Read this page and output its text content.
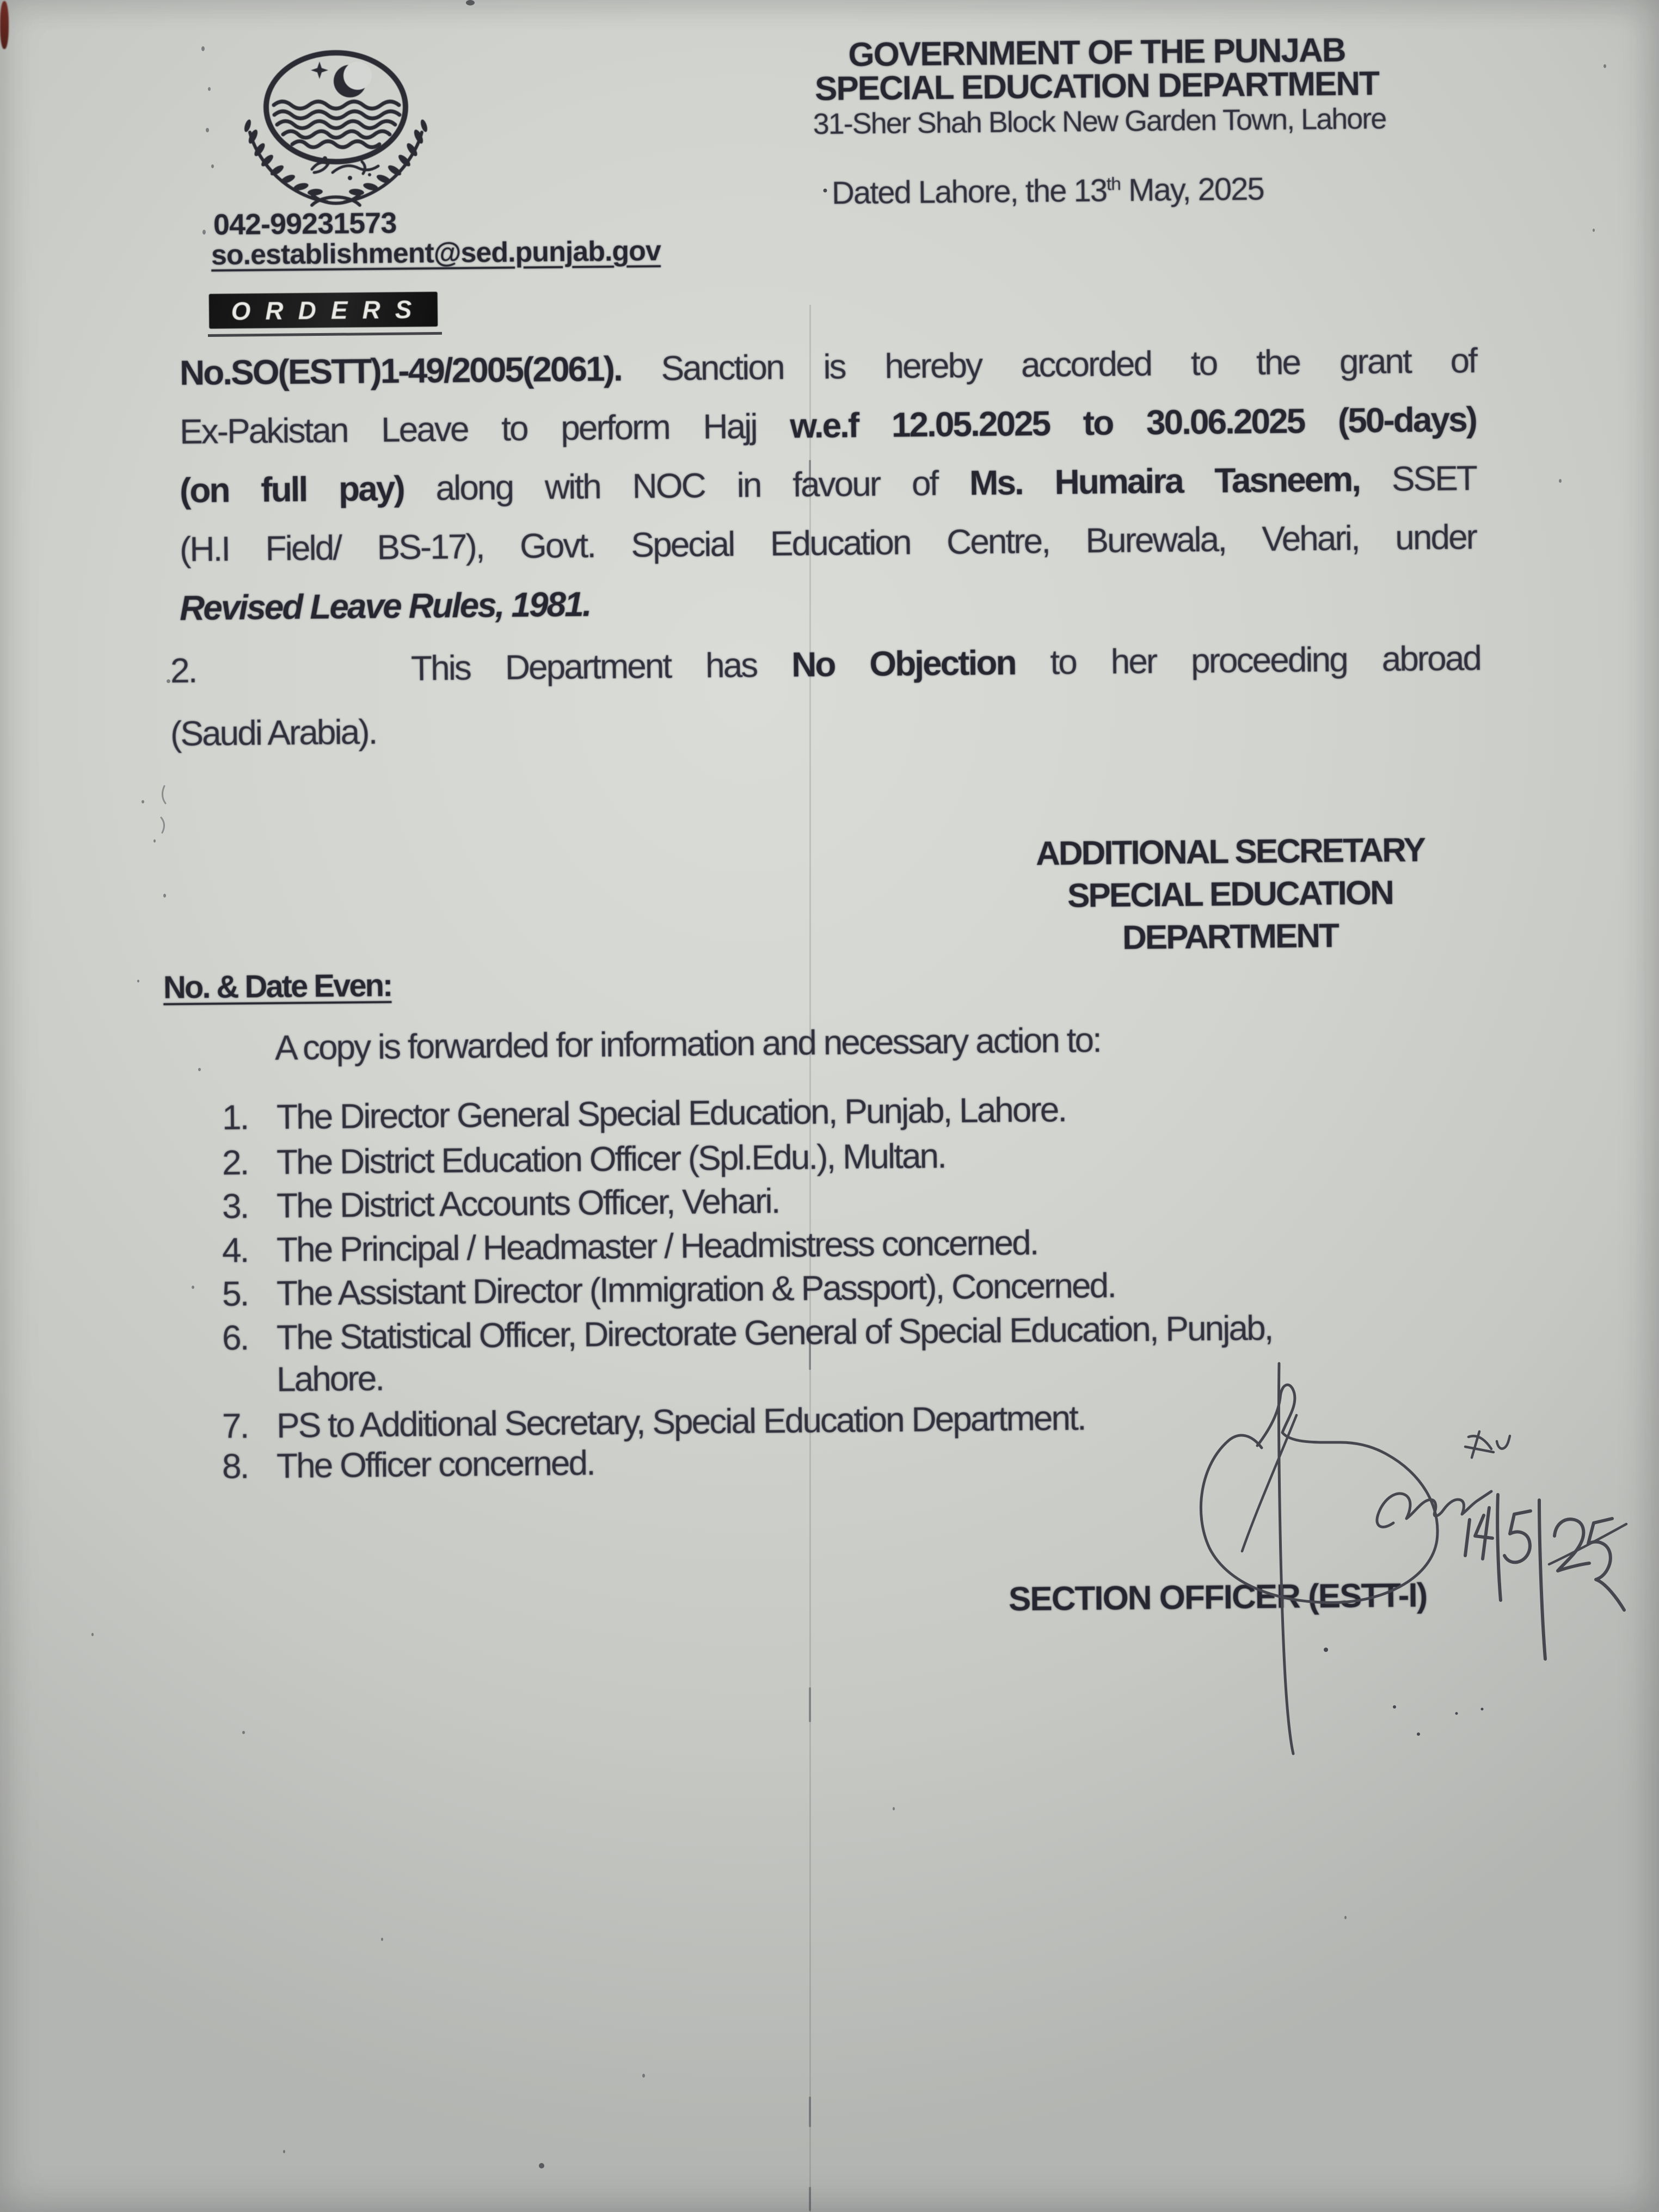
GOVERNMENT OF THE PUNJAB
SPECIAL EDUCATION DEPARTMENT
31-Sher Shah Block New Garden Town, Lahore
Dated Lahore, the 13th May, 2025
042-99231573
so.establishment@sed.punjab.gov
ORDERS
No.SO(ESTT)1-49/2005(2061). Sanction is hereby accorded to the grant of
Ex-Pakistan Leave to perform Hajj w.e.f 12.05.2025 to 30.06.2025 (50-days)
(on full pay) along with NOC in favour of Ms. Humaira Tasneem, SSET
(H.I Field/ BS-17), Govt. Special Education Centre, Burewala, Vehari, under
Revised Leave Rules, 1981.
2.	This Department has No Objection to her proceeding abroad
(Saudi Arabia).
ADDITIONAL SECRETARY
SPECIAL EDUCATION
DEPARTMENT
No. & Date Even:
A copy is forwarded for information and necessary action to:
1. The Director General Special Education, Punjab, Lahore.
2. The District Education Officer (Spl.Edu.), Multan.
3. The District Accounts Officer, Vehari.
4. The Principal / Headmaster / Headmistress concerned.
5. The Assistant Director (Immigration & Passport), Concerned.
6. The Statistical Officer, Directorate General of Special Education, Punjab,
Lahore.
7. PS to Additional Secretary, Special Education Department.
8. The Officer concerned.
SECTION OFFICER (ESTT-I)
